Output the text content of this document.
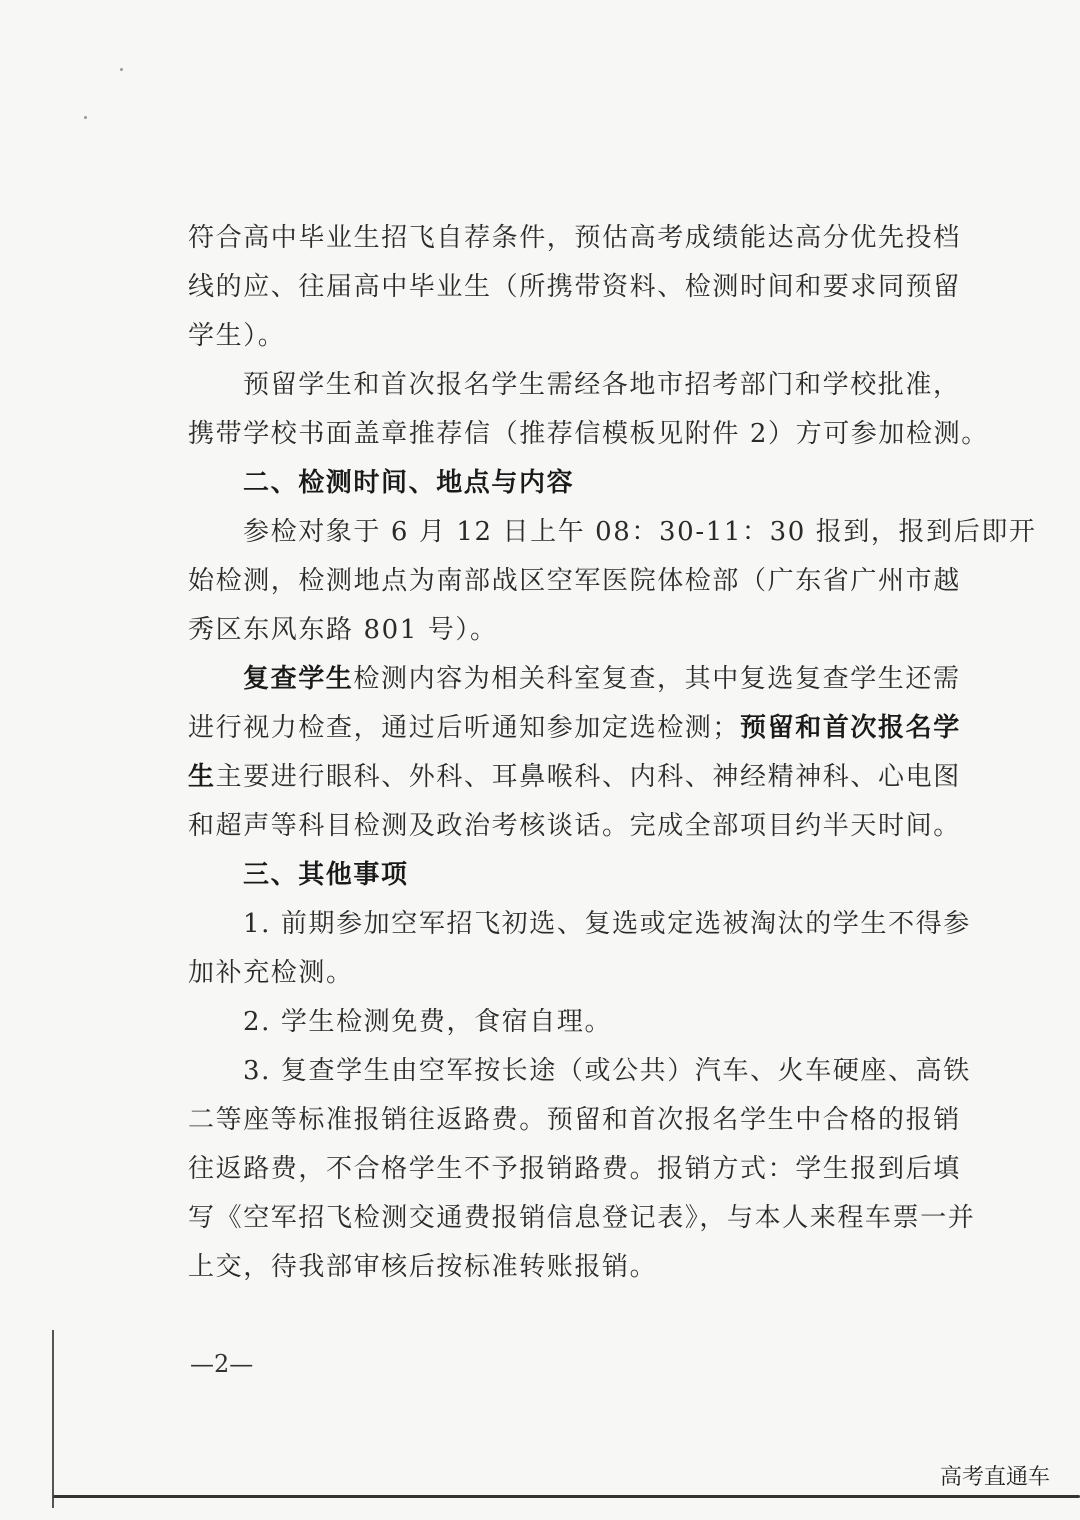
符合高中毕业生招飞自荐条件，预估高考成绩能达高分优先投档
线的应、往届高中毕业生（所携带资料、检测时间和要求同预留
学生）。
预留学生和首次报名学生需经各地市招考部门和学校批准，
携带学校书面盖章推荐信（推荐信模板见附件 2）方可参加检测。
二、检测时间、地点与内容
参检对象于 6 月 12 日上午 08：30-11：30 报到，报到后即开
始检测，检测地点为南部战区空军医院体检部（广东省广州市越
秀区东风东路 801 号）。
复查学生检测内容为相关科室复查，其中复选复查学生还需
进行视力检查，通过后听通知参加定选检测；预留和首次报名学
生主要进行眼科、外科、耳鼻喉科、内科、神经精神科、心电图
和超声等科目检测及政治考核谈话。完成全部项目约半天时间。
三、其他事项
1. 前期参加空军招飞初选、复选或定选被淘汰的学生不得参
加补充检测。
2. 学生检测免费，食宿自理。
3. 复查学生由空军按长途（或公共）汽车、火车硬座、高铁
二等座等标准报销往返路费。预留和首次报名学生中合格的报销
往返路费，不合格学生不予报销路费。报销方式：学生报到后填
写《空军招飞检测交通费报销信息登记表》，与本人来程车票一并
上交，待我部审核后按标准转账报销。
—2—
高考直通车
